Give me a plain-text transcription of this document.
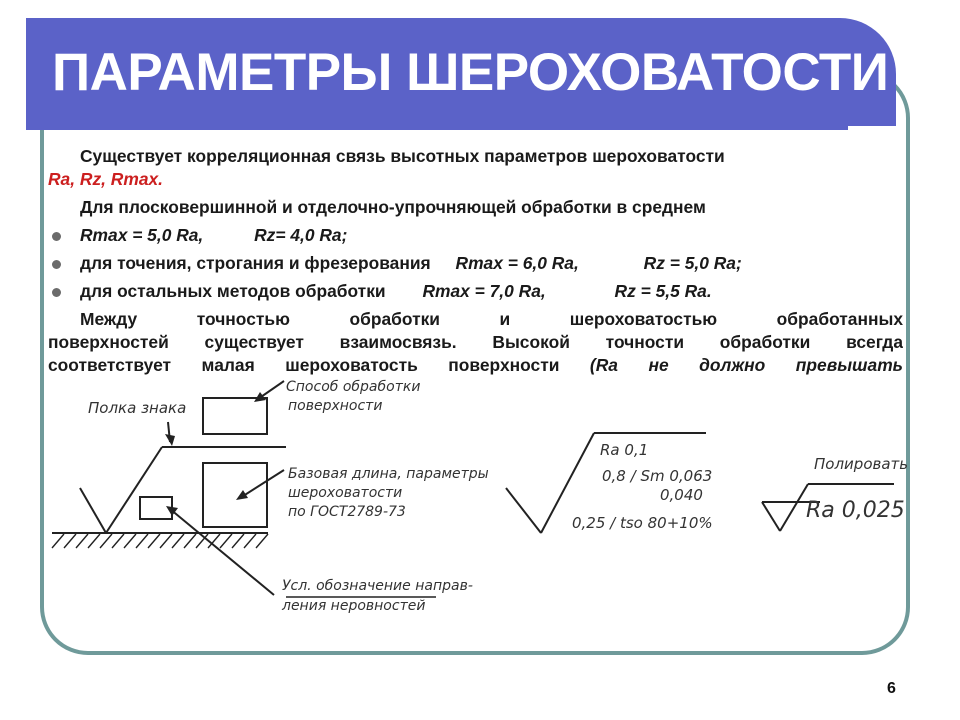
ПАРАМЕТРЫ ШЕРОХОВАТОСТИ

Существует корреляционная связь высотных параметров шероховатости
Ra, Rz, Rmax.

Для плосковершинной и отделочно-упрочняющей обработки в среднем

Rmax = 5,0 Ra,	Rz= 4,0 Ra;
для точения, строгания и фрезерования Rmax = 6,0 Ra,	Rz = 5,0 Ra;
для остальных методов обработки Rmax = 7,0 Ra,	Rz = 5,5 Ra.

Между точностью обработки и шероховатостью обработанных

поверхностей существует взаимосвязь. Высокой точности обработки всегда

соответствует малая шероховатость поверхности (Ra не должно превышать

Полка знака
Способ обработки
поверхности
Базовая длина, параметры
шероховатости
по ГОСТ2789-73
Усл. обозначение направ-
ления неровностей
Ra 0,1
0,8 / Sm 0,063
0,040
0,25 / tso 80+10%
Полировать
Ra 0,025
6
